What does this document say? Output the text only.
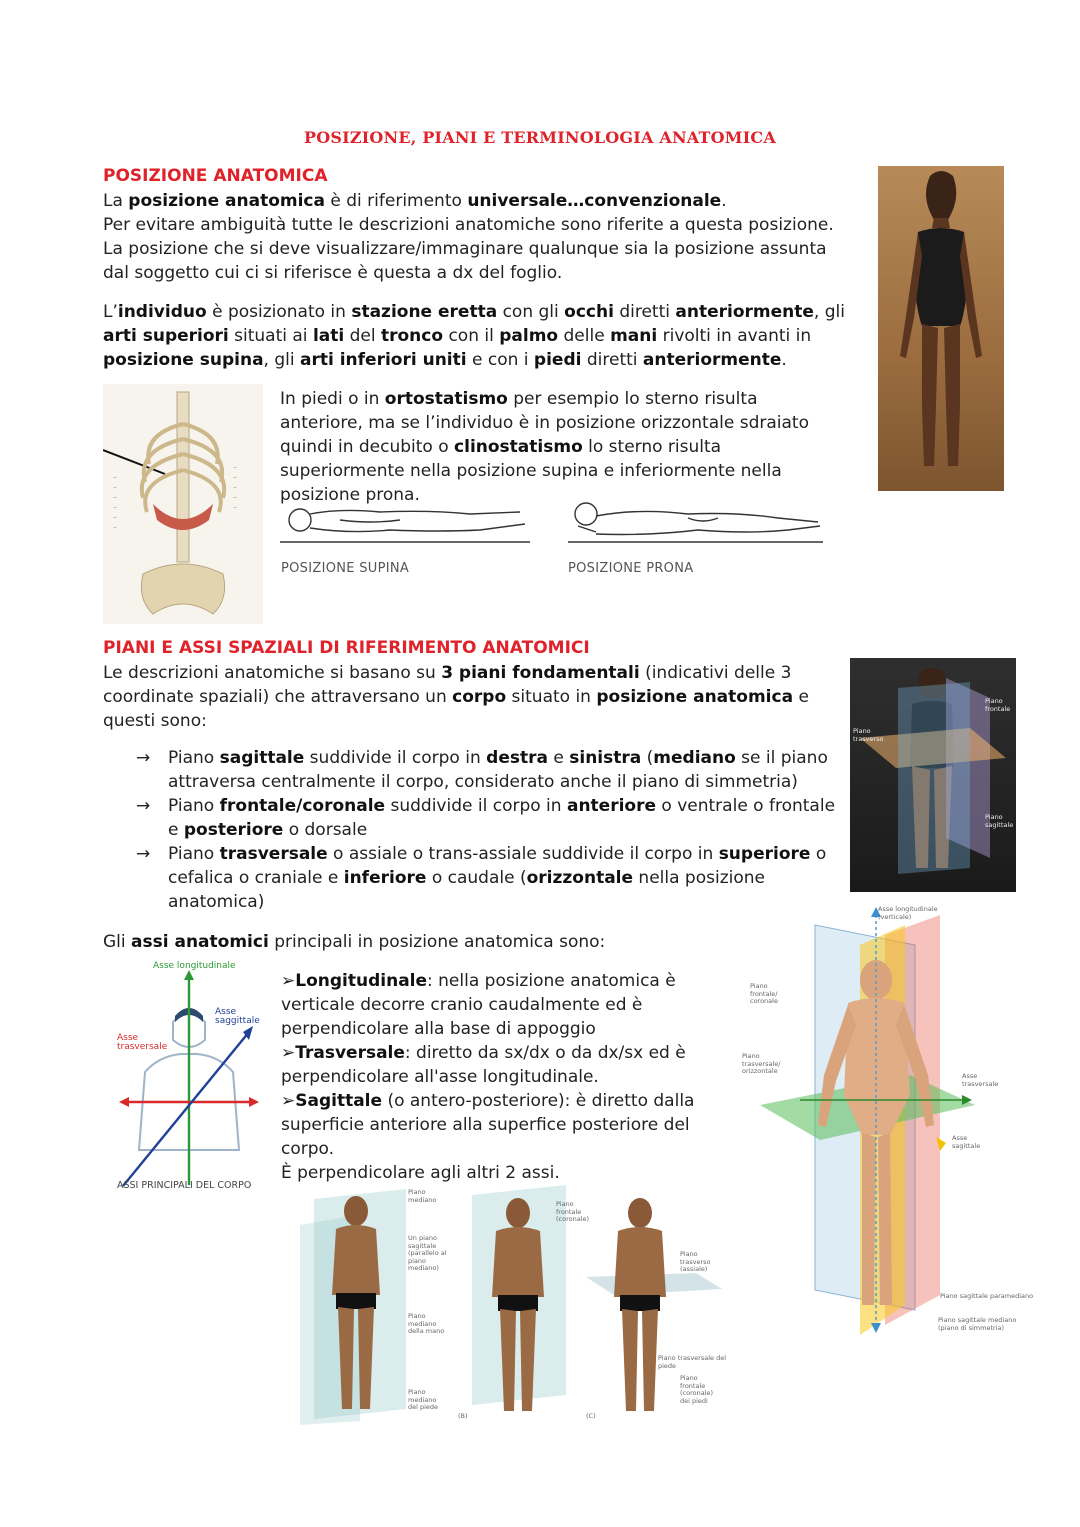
POSIZIONE, PIANI E TERMINOLOGIA ANATOMICA
POSIZIONE ANATOMICA
La posizione anatomica è di riferimento universale…convenzionale.
Per evitare ambiguità tutte le descrizioni anatomiche sono riferite a questa posizione.
La posizione che si deve visualizzare/immaginare qualunque sia la posizione assunta
dal soggetto cui ci si riferisce è questa a dx del foglio.
L’individuo è posizionato in stazione eretta con gli occhi diretti anteriormente, gli arti superiori situati ai lati del tronco con il palmo delle mani rivolti in avanti in posizione supina, gli arti inferiori uniti e con i piedi diretti anteriormente.
—
—
—
—
—
—
—
—
—
—
—
In piedi o in ortostatismo per esempio lo sterno risulta anteriore, ma se l’individuo è in posizione orizzontale sdraiato quindi in decubito o clinostatismo lo sterno risulta superiormente nella posizione supina e inferiormente nella posizione prona.
POSIZIONE SUPINA	POSIZIONE PRONA
PIANI E ASSI SPAZIALI DI RIFERIMENTO ANATOMICI
Le descrizioni anatomiche si basano su 3 piani fondamentali (indicativi delle 3 coordinate spaziali) che attraversano un corpo situato in posizione anatomica e questi sono:
Piano frontale
Piano trasverso
Piano sagittale
→ Piano sagittale suddivide il corpo in destra e sinistra (mediano se il piano attraversa centralmente il corpo, considerato anche il piano di simmetria)
→ Piano frontale/coronale suddivide il corpo in anteriore o ventrale o frontale e posteriore o dorsale
→ Piano trasversale o assiale o trans-assiale suddivide il corpo in superiore o cefalica o craniale e inferiore o caudale (orizzontale nella posizione anatomica)
Gli assi anatomici principali in posizione anatomica sono:
Asse longitudinale
Asse saggittale
Asse trasversale
ASSI PRINCIPALI DEL CORPO
➢Longitudinale: nella posizione anatomica è verticale decorre cranio caudalmente ed è perpendicolare alla base di appoggio
➢Trasversale: diretto da sx/dx o da dx/sx ed è perpendicolare all'asse longitudinale.
➢Sagittale (o antero-posteriore): è diretto dalla superficie anteriore alla superfice posteriore del corpo.
È perpendicolare agli altri 2 assi.
Asse longitudinale (verticale)
Piano frontale/ coronale
Piano trasversale/ orizzontale
Asse trasversale
Asse sagittale
Piano sagittale paramediano
Piano sagittale mediano (piano di simmetria)
Piano mediano
Un piano sagittale (parallelo al piano mediano)
Piano mediano della mano
Piano mediano del piede
Piano frontale (coronale)
(B)
Piano trasverso (assiale)
Piano trasversale del piede
Piano frontale (coronale) dei piedi
(C)
